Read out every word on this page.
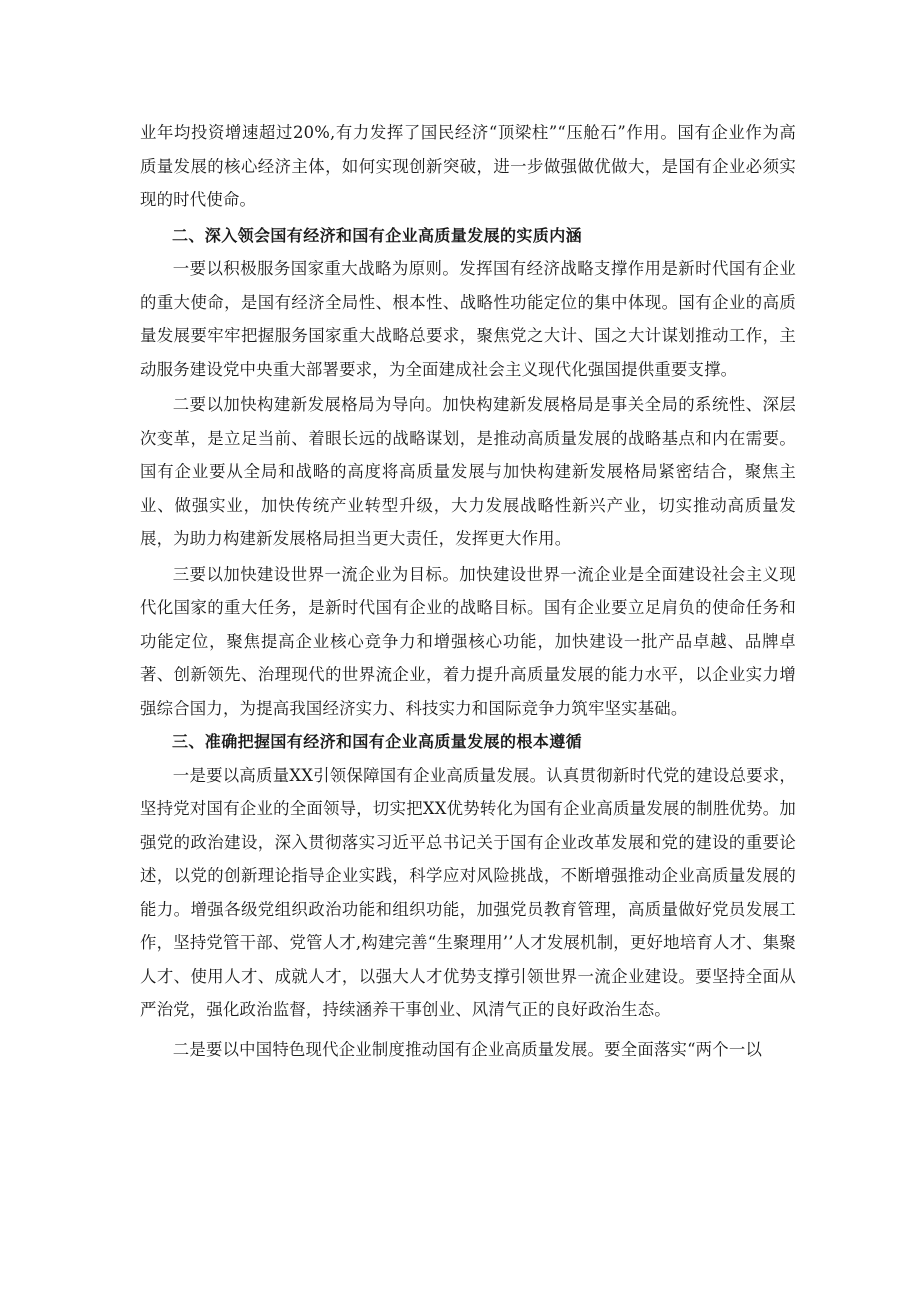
业年均投资增速超过20%,有力发挥了国民经济“顶梁柱”“压舱石”作用。国有企业作为高质量发展的核心经济主体，如何实现创新突破，进一步做强做优做大，是国有企业必须实现的时代使命。

二、深入领会国有经济和国有企业高质量发展的实质内涵

一要以积极服务国家重大战略为原则。发挥国有经济战略支撑作用是新时代国有企业的重大使命，是国有经济全局性、根本性、战略性功能定位的集中体现。国有企业的高质量发展要牢牢把握服务国家重大战略总要求，聚焦党之大计、国之大计谋划推动工作，主动服务建设党中央重大部署要求，为全面建成社会主义现代化强国提供重要支撑。

二要以加快构建新发展格局为导向。加快构建新发展格局是事关全局的系统性、深层次变革，是立足当前、着眼长远的战略谋划，是推动高质量发展的战略基点和内在需要。国有企业要从全局和战略的高度将高质量发展与加快构建新发展格局紧密结合，聚焦主业、做强实业，加快传统产业转型升级，大力发展战略性新兴产业，切实推动高质量发展，为助力构建新发展格局担当更大责任，发挥更大作用。

三要以加快建设世界一流企业为目标。加快建设世界一流企业是全面建设社会主义现代化国家的重大任务，是新时代国有企业的战略目标。国有企业要立足肩负的使命任务和功能定位，聚焦提高企业核心竞争力和增强核心功能，加快建设一批产品卓越、品牌卓著、创新领先、治理现代的世界流企业，着力提升高质量发展的能力水平，以企业实力增强综合国力，为提高我国经济实力、科技实力和国际竞争力筑牢坚实基础。

三、准确把握国有经济和国有企业高质量发展的根本遵循

一是要以高质量XX引领保障国有企业高质量发展。认真贯彻新时代党的建设总要求，坚持党对国有企业的全面领导，切实把XX优势转化为国有企业高质量发展的制胜优势。加强党的政治建设，深入贯彻落实习近平总书记关于国有企业改革发展和党的建设的重要论述，以党的创新理论指导企业实践，科学应对风险挑战，不断增强推动企业高质量发展的能力。增强各级党组织政治功能和组织功能，加强党员教育管理，高质量做好党员发展工作，坚持党管干部、党管人才,构建完善“生聚理用’’人才发展机制，更好地培育人才、集聚人才、使用人才、成就人才，以强大人才优势支撑引领世界一流企业建设。要坚持全面从严治党，强化政治监督，持续涵养干事创业、风清气正的良好政治生态。

二是要以中国特色现代企业制度推动国有企业高质量发展。要全面落实“两个一以
